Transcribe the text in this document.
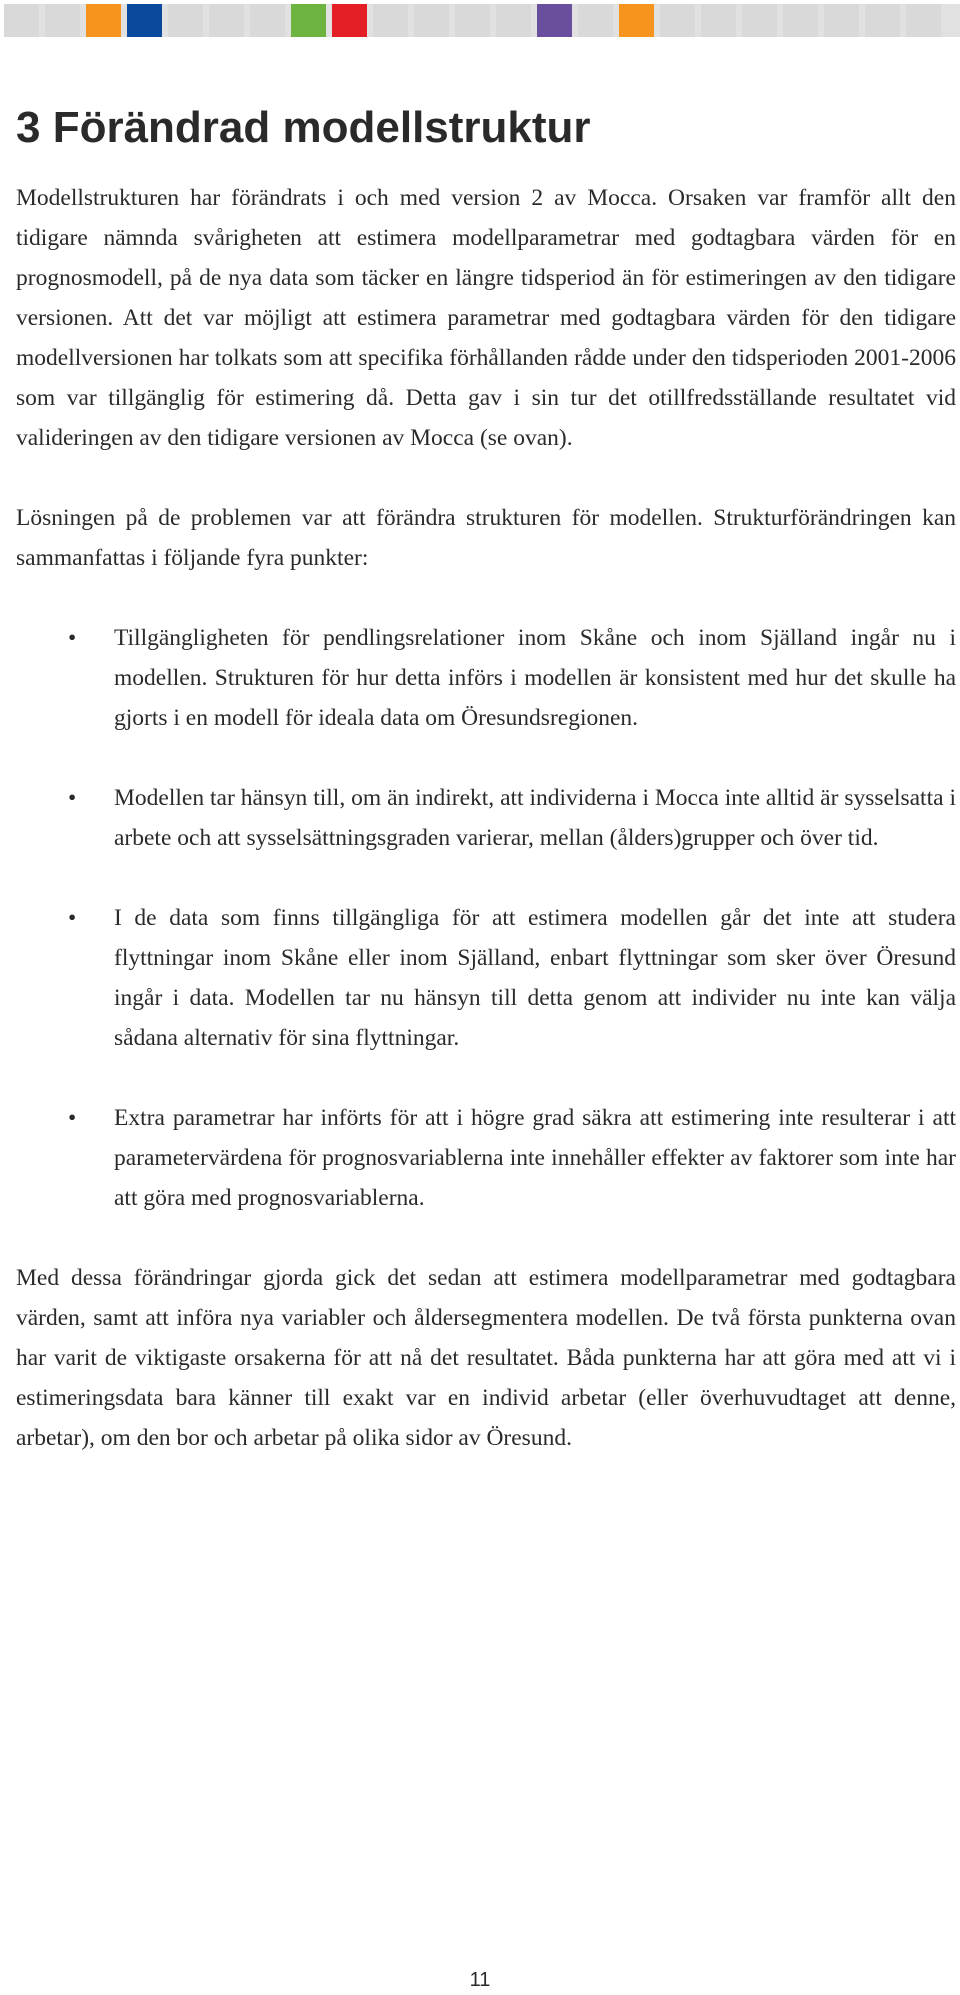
3 Förändrad modellstruktur

Modellstrukturen har förändrats i och med version 2 av Mocca. Orsaken var framför allt den tidigare nämnda svårigheten att estimera modellparametrar med godtagbara värden för en prognosmodell, på de nya data som täcker en längre tidsperiod än för estimeringen av den tidigare versionen. Att det var möjligt att estimera parametrar med godtagbara värden för den tidigare modellversionen har tolkats som att specifika förhållanden rådde under den tidsperioden 2001-2006 som var tillgänglig för estimering då. Detta gav i sin tur det otillfredsställande resultatet vid valideringen av den tidigare versionen av Mocca (se ovan).

Lösningen på de problemen var att förändra strukturen för modellen. Strukturförändringen kan sammanfattas i följande fyra punkter:

• Tillgängligheten för pendlingsrelationer inom Skåne och inom Själland ingår nu i modellen. Strukturen för hur detta införs i modellen är konsistent med hur det skulle ha gjorts i en modell för ideala data om Öresundsregionen.
• Modellen tar hänsyn till, om än indirekt, att individerna i Mocca inte alltid är sysselsatta i arbete och att sysselsättningsgraden varierar, mellan (ålders)grupper och över tid.
• I de data som finns tillgängliga för att estimera modellen går det inte att studera flyttningar inom Skåne eller inom Själland, enbart flyttningar som sker över Öresund ingår i data. Modellen tar nu hänsyn till detta genom att individer nu inte kan välja sådana alternativ för sina flyttningar.
• Extra parametrar har införts för att i högre grad säkra att estimering inte resulterar i att parametervärdena för prognosvariablerna inte innehåller effekter av faktorer som inte har att göra med prognosvariablerna.

Med dessa förändringar gjorda gick det sedan att estimera modellparametrar med godtagbara värden, samt att införa nya variabler och åldersegmentera modellen. De två första punkterna ovan har varit de viktigaste orsakerna för att nå det resultatet. Båda punkterna har att göra med att vi i estimeringsdata bara känner till exakt var en individ arbetar (eller överhuvudtaget att denne, arbetar), om den bor och arbetar på olika sidor av Öresund.

11
